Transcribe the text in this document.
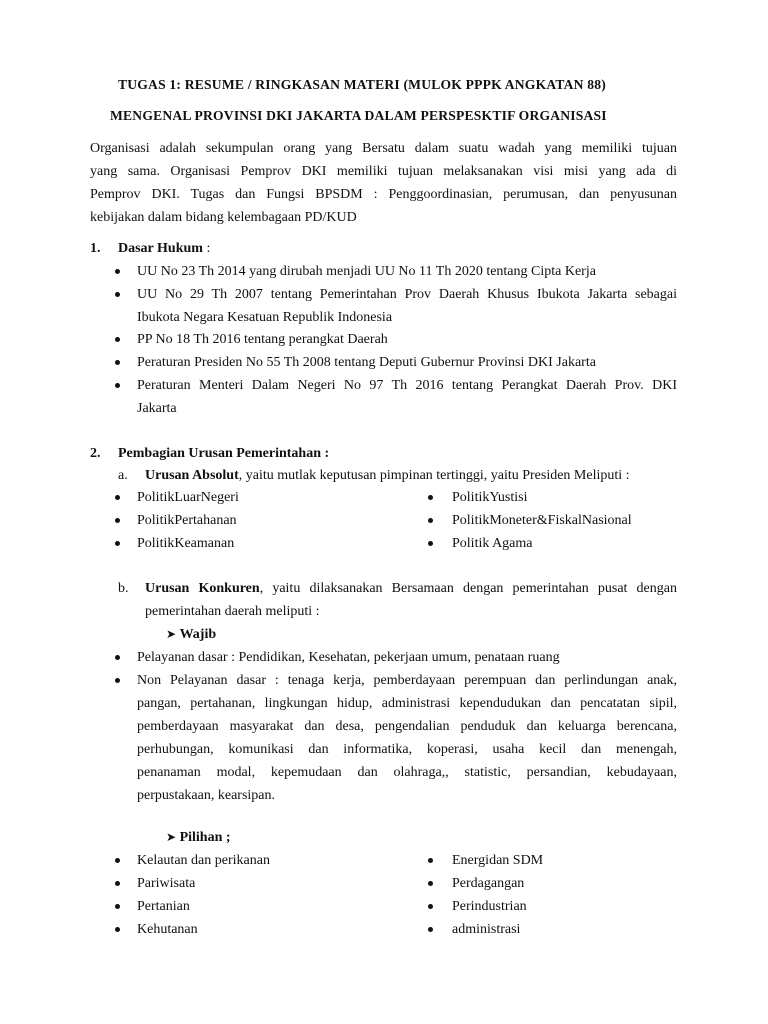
TUGAS 1: RESUME / RINGKASAN MATERI (MULOK PPPK ANGKATAN 88)
MENGENAL PROVINSI DKI JAKARTA DALAM PERSPESKTIF ORGANISASI
Organisasi adalah sekumpulan orang yang Bersatu dalam suatu wadah yang memiliki tujuan
yang sama. Organisasi Pemprov DKI memiliki tujuan melaksanakan visi misi yang ada di
Pemprov DKI. Tugas dan Fungsi BPSDM : Penggoordinasian, perumusan, dan penyusunan
kebijakan dalam bidang kelembagaan PD/KUD
1. Dasar Hukum :
UU No 23 Th 2014 yang dirubah menjadi UU No 11 Th 2020 tentang Cipta Kerja
UU No 29 Th 2007 tentang Pemerintahan Prov Daerah Khusus Ibukota Jakarta sebagai
Ibukota Negara Kesatuan Republik Indonesia
PP No 18 Th 2016 tentang perangkat Daerah
Peraturan Presiden No 55 Th 2008 tentang Deputi Gubernur Provinsi DKI Jakarta
Peraturan Menteri Dalam Negeri No 97 Th 2016 tentang Perangkat Daerah Prov. DKI
Jakarta
2. Pembagian Urusan Pemerintahan :
a. Urusan Absolut, yaitu mutlak keputusan pimpinan tertinggi, yaitu Presiden Meliputi :
PolitikLuarNegeri
PolitikPertahanan
PolitikKeamanan
PolitikYustisi
PolitikMoneter&FiskalNasional
Politik Agama
b. Urusan Konkuren, yaitu dilaksanakan Bersamaan dengan pemerintahan pusat dengan
pemerintahan daerah meliputi :
➤ Wajib
Pelayanan dasar : Pendidikan, Kesehatan, pekerjaan umum, penataan ruang
Non Pelayanan dasar : tenaga kerja, pemberdayaan perempuan dan perlindungan anak,
pangan, pertahanan, lingkungan hidup, administrasi kependudukan dan pencatatan sipil,
pemberdayaan masyarakat dan desa, pengendalian penduduk dan keluarga berencana,
perhubungan, komunikasi dan informatika, koperasi, usaha kecil dan menengah,
penanaman modal, kepemudaan dan olahraga,, statistic, persandian, kebudayaan,
perpustakaan, kearsipan.
➤ Pilihan ;
Kelautan dan perikanan
Pariwisata
Pertanian
Kehutanan
Energidan SDM
Perdagangan
Perindustrian
administrasi
